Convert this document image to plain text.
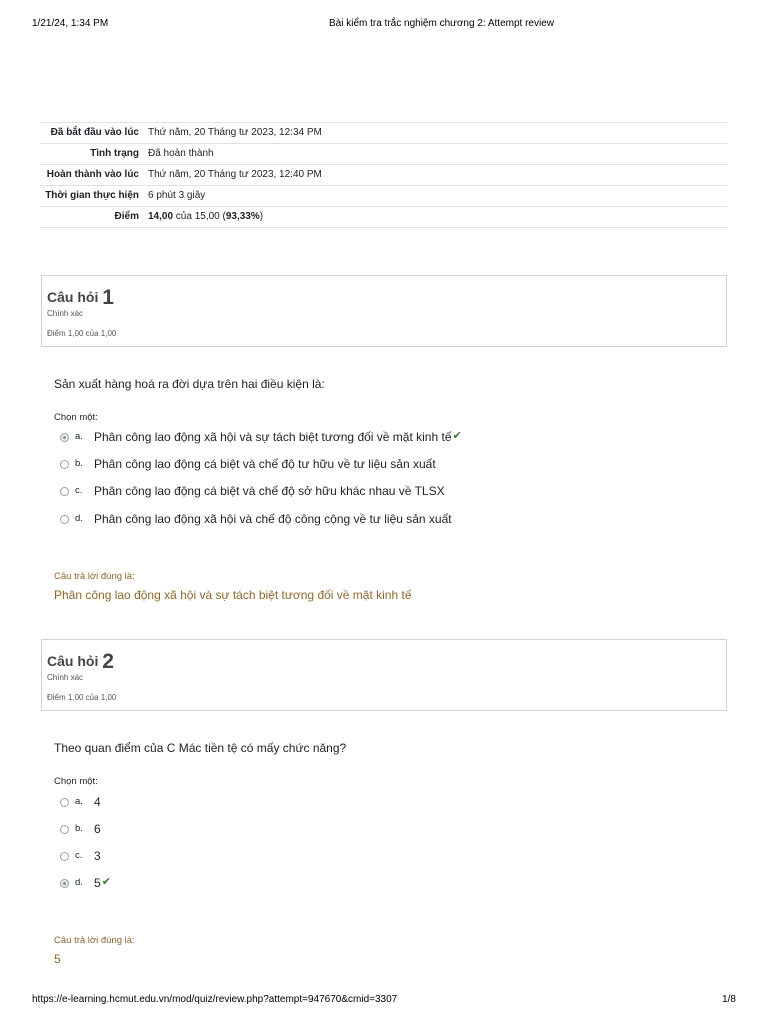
1/21/24, 1:34 PM	Bài kiểm tra trắc nghiệm chương 2: Attempt review
Đã bắt đầu vào lúc	Thứ năm, 20 Tháng tư 2023, 12:34 PM
Tình trạng	Đã hoàn thành
Hoàn thành vào lúc	Thứ năm, 20 Tháng tư 2023, 12:40 PM
Thời gian thực hiện	6 phút 3 giây
Điểm	14,00 của 15,00 (93,33%)
Câu hỏi 1
Chính xác
Điểm 1,00 của 1,00
Sản xuất hàng hoá ra đời dựa trên hai điều kiện là:
Chọn một:
a. Phân công lao động xã hội và sự tách biệt tương đối về mặt kinh tế✔
b. Phân công lao động cá biệt và chế độ tư hữu về tư liệu sản xuất
c. Phân công lao động cá biệt và chế độ sở hữu khác nhau về TLSX
d. Phân công lao động xã hội và chế độ công cộng về tư liệu sản xuất
Câu trả lời đúng là:
Phân công lao động xã hội và sự tách biệt tương đối về mặt kinh tế
Câu hỏi 2
Chính xác
Điểm 1,00 của 1,00
Theo quan điểm của C Mác tiền tệ có mấy chức năng?
Chọn một:
a. 4
b. 6
c. 3
d. 5✔
Câu trả lời đúng là:
5
https://e-learning.hcmut.edu.vn/mod/quiz/review.php?attempt=947670&cmid=3307	1/8
